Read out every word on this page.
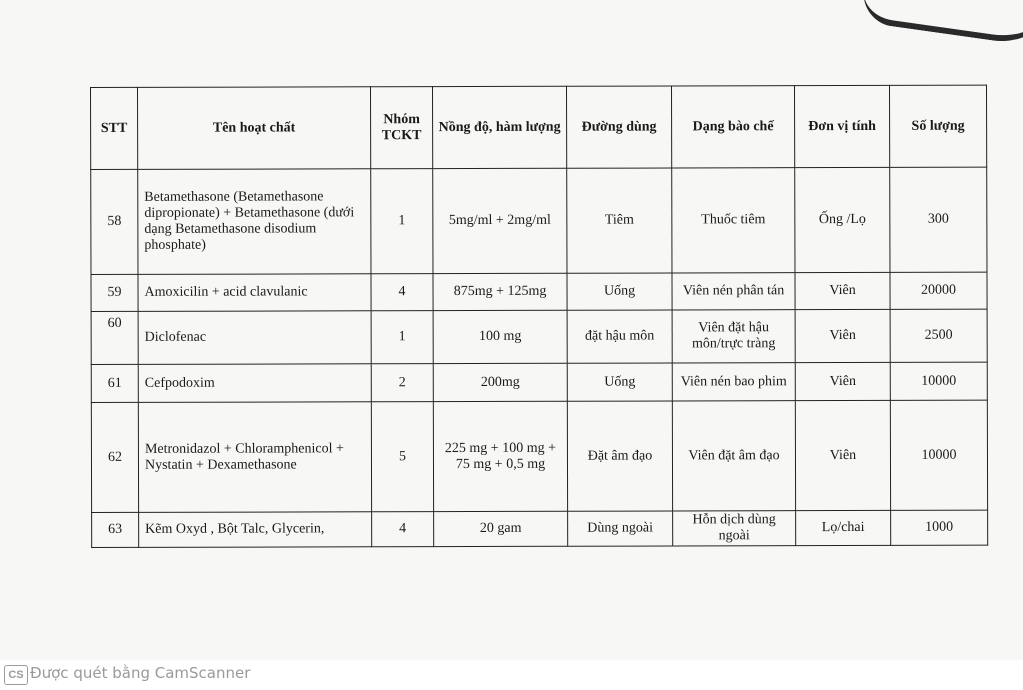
STT	Tên hoạt chất	Nhóm TCKT	Nồng độ, hàm lượng	Đường dùng	Dạng bào chế	Đơn vị tính	Số lượng
58	Betamethasone (Betamethasone dipropionate) + Betamethasone (dưới dạng Betamethasone disodium phosphate)	1	5mg/ml + 2mg/ml	Tiêm	Thuốc tiêm	Ống /Lọ	300
59	Amoxicilin + acid clavulanic	4	875mg + 125mg	Uống	Viên nén phân tán	Viên	20000
60	Diclofenac	1	100 mg	đặt hậu môn	Viên đặt hậu môn/trực tràng	Viên	2500
61	Cefpodoxim	2	200mg	Uống	Viên nén bao phim	Viên	10000
62	Metronidazol + Chloramphenicol + Nystatin + Dexamethasone	5	225 mg + 100 mg + 75 mg + 0,5 mg	Đặt âm đạo	Viên đặt âm đạo	Viên	10000
63	Kẽm Oxyd , Bột Talc, Glycerin,	4	20 gam	Dùng ngoài	Hỗn dịch dùng ngoài	Lọ/chai	1000
CS Được quét bằng CamScanner
